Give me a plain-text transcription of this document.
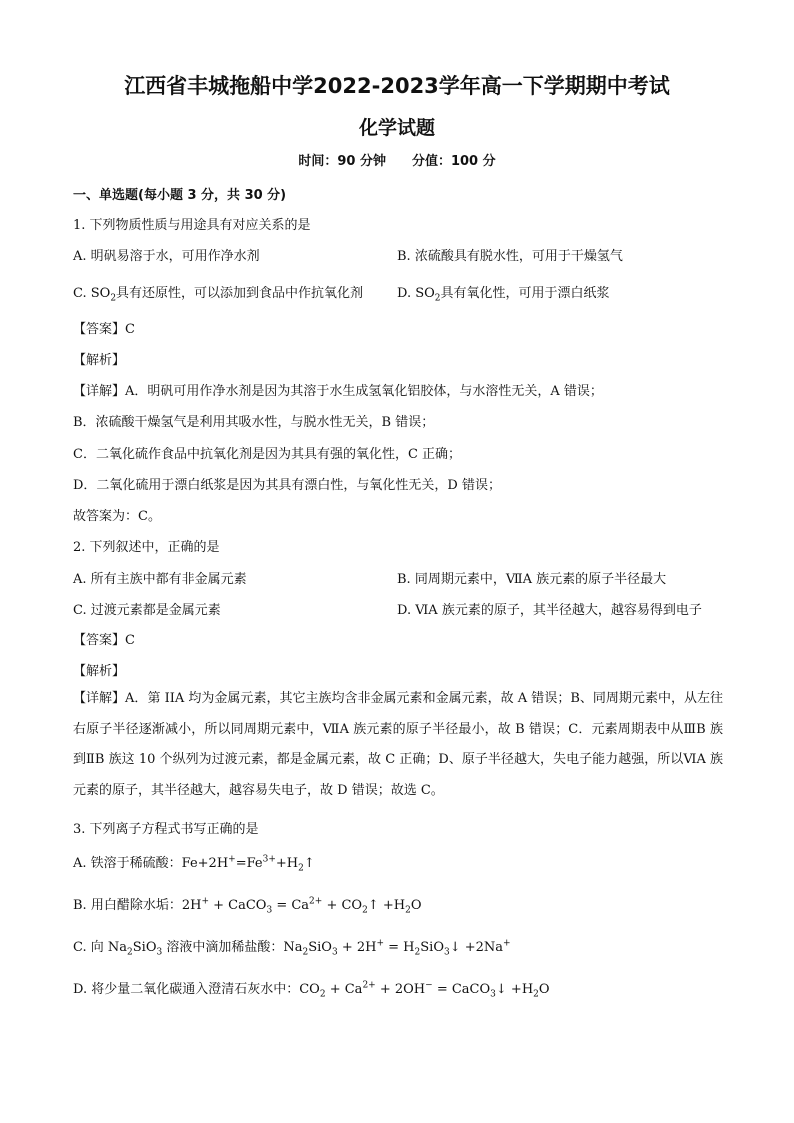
江西省丰城拖船中学2022-2023学年高一下学期期中考试
化学试题
时间：90 分钟 分值：100 分
一、单选题(每小题 3 分，共 30 分)
1. 下列物质性质与用途具有对应关系的是
A. 明矾易溶于水，可用作净水剂	B. 浓硫酸具有脱水性，可用于干燥氢气
C. $SO_2$具有还原性，可以添加到食品中作抗氧化剂	D. $SO_2$具有氧化性，可用于漂白纸浆
【答案】C
【解析】
【详解】A．明矾可用作净水剂是因为其溶于水生成氢氧化铝胶体，与水溶性无关，A 错误；
B．浓硫酸干燥氢气是利用其吸水性，与脱水性无关，B 错误；
C．二氧化硫作食品中抗氧化剂是因为其具有强的氧化性，C 正确；
D．二氧化硫用于漂白纸浆是因为其具有漂白性，与氧化性无关，D 错误；
故答案为：C。
2. 下列叙述中，正确的是
A. 所有主族中都有非金属元素	B. 同周期元素中，ⅦA 族元素的原子半径最大
C. 过渡元素都是金属元素	D. ⅥA 族元素的原子，其半径越大，越容易得到电子
【答案】C
【解析】
【详解】A．第 IIA 均为金属元素，其它主族均含非金属元素和金属元素，故 A 错误；B、同周期元素中，从左往右原子半径逐渐减小，所以同周期元素中，ⅦA 族元素的原子半径最小，故 B 错误；C．元素周期表中从ⅢB 族到ⅡB 族这 10 个纵列为过渡元素，都是金属元素，故 C 正确；D、原子半径越大，失电子能力越强，所以ⅥA 族元素的原子，其半径越大，越容易失电子，故 D 错误；故选 C。
3. 下列离子方程式书写正确的是
A. 铁溶于稀硫酸：$Fe+2H^+=Fe^{3+}+H_2↑$
B. 用白醋除水垢：2H+ + CaCO$_3$ = $Ca^{2+}$ + $CO_2↑ +H_2O$
C. 向 $Na_2SiO_3$ 溶液中滴加稀盐酸：$Na_2SiO_3 + 2H^+$ = $H_2SiO_3↓ +2Na^+$
D. 将少量二氧化碳通入澄清石灰水中：$CO_2 + Ca^{2+} + 2OH^-$ = CaCO$_3$↓ $+H_2O$
